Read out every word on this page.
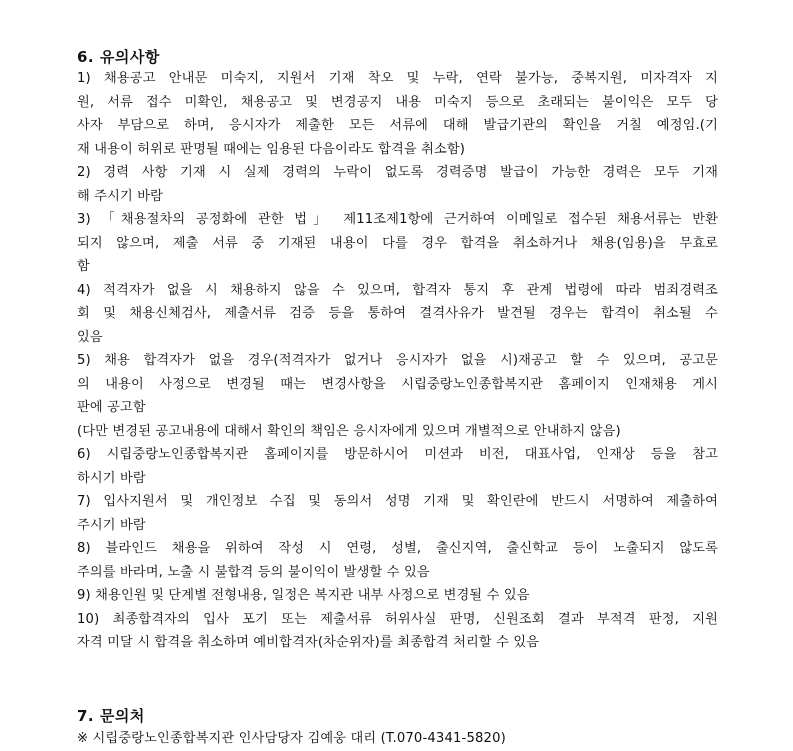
6. 유의사항
1) 채용공고 안내문 미숙지, 지원서 기재 착오 및 누락, 연락 불가능, 중복지원, 미자격자 지
원, 서류 접수 미확인, 채용공고 및 변경공지 내용 미숙지 등으로 초래되는 불이익은 모두 당
사자 부담으로 하며, 응시자가 제출한 모든 서류에 대해 발급기관의 확인을 거칠 예정임.(기
재 내용이 허위로 판명될 때에는 임용된 다음이라도 합격을 취소함)
2) 경력 사항 기재 시 실제 경력의 누락이 없도록 경력증명 발급이 가능한 경력은 모두 기재
해 주시기 바람
3) 「채용절차의 공정화에 관한 법」 제11조제1항에 근거하여 이메일로 접수된 채용서류는 반환
되지 않으며, 제출 서류 중 기재된 내용이 다를 경우 합격을 취소하거나 채용(임용)을 무효로
함
4) 적격자가 없을 시 채용하지 않을 수 있으며, 합격자 통지 후 관계 법령에 따라 범죄경력조
회 및 채용신체검사, 제출서류 검증 등을 통하여 결격사유가 발견될 경우는 합격이 취소될 수
있음
5) 채용 합격자가 없을 경우(적격자가 없거나 응시자가 없을 시)재공고 할 수 있으며, 공고문
의 내용이 사정으로 변경될 때는 변경사항을 시립중랑노인종합복지관 홈페이지 인재채용 게시
판에 공고함
(다만 변경된 공고내용에 대해서 확인의 책임은 응시자에게 있으며 개별적으로 안내하지 않음)
6) 시립중랑노인종합복지관 홈페이지를 방문하시어 미션과 비전, 대표사업, 인재상 등을 참고
하시기 바람
7) 입사지원서 및 개인정보 수집 및 동의서 성명 기재 및 확인란에 반드시 서명하여 제출하여
주시기 바람
8) 블라인드 채용을 위하여 작성 시 연령, 성별, 출신지역, 출신학교 등이 노출되지 않도록
주의를 바라며, 노출 시 불합격 등의 불이익이 발생할 수 있음
9) 채용인원 및 단계별 전형내용, 일정은 복지관 내부 사정으로 변경될 수 있음
10) 최종합격자의 입사 포기 또는 제출서류 허위사실 판명, 신원조회 결과 부적격 판정, 지원
자격 미달 시 합격을 취소하며 예비합격자(차순위자)를 최종합격 처리할 수 있음
7. 문의처
※ 시립중랑노인종합복지관 인사담당자 김예웅 대리 (T.070-4341-5820)
